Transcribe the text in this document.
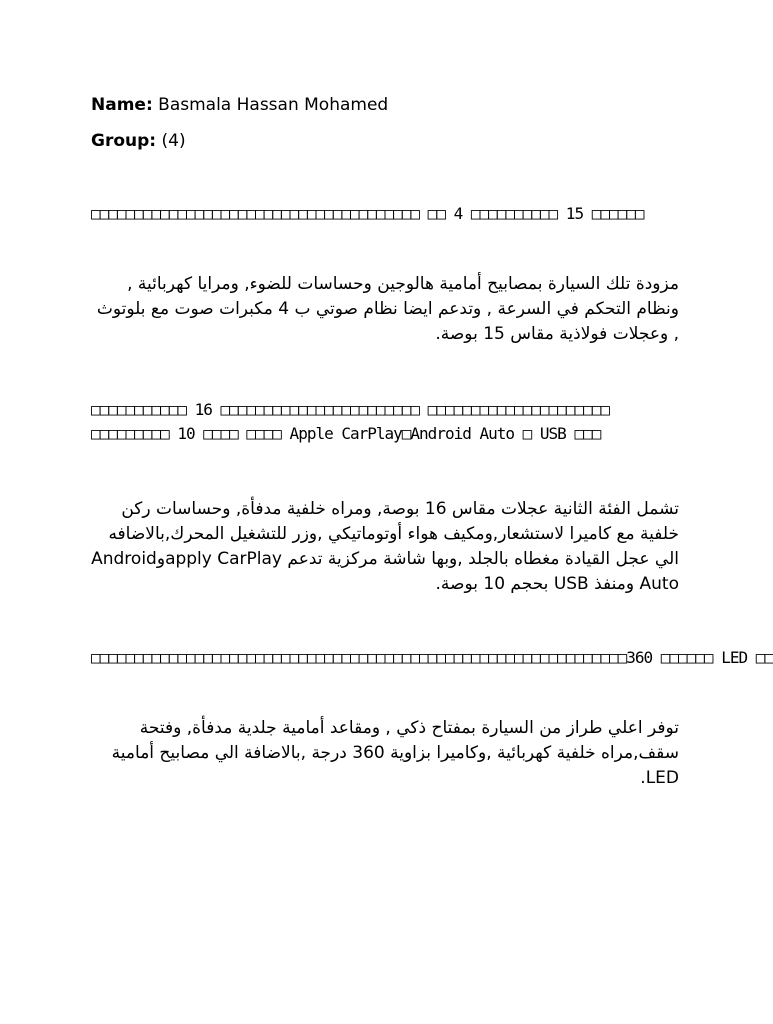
Name: Basmala Hassan Mohamed
Group: (4)
□□□□□□□□□□□□□□□□□□□□□□□□□□□□□□□□□□□□□□ □□ 4 □□□□□□□□□□ 15 □□□□□□
مزودة تلك السيارة بمصابيح أمامية هالوجين وحساسات للضوء, ومرايا كهربائية , ونظام التحكم في السرعة , وتدعم ايضا نظام صوتي ب 4 مكبرات صوت مع بلوتوث , وعجلات فولاذية مقاس 15 بوصة.
□□□□□□□□□□□ 16 □□□□□□□□□□□□□□□□□□□□□□□ □□□□□□□□□□□□□□□□□□□□□
□□□□□□□□□ 10 □□□□ □□□□ Apple CarPlay□Android Auto □ USB □□□
تشمل الفئة الثانية عجلات مقاس 16 بوصة, ومراه خلفية مدفأة, وحساسات ركن خلفية مع كاميرا لاستشعار,ومكيف هواء أوتوماتيكي ,وزر للتشغيل المحرك,بالاضافه الي عجل القيادة مغطاه بالجلد ,وبها شاشة مركزية تدعم apply CarPlayوAndroid Auto ومنفذ USB بحجم 10 بوصة.
□□□□□□□□□□□□□□□□□□□□□□□□□□□□□□□□□□□□□□□□□□□□□□□□□□□□□□□□□□□□□□360 □□□□□□ LED □□
توفر اعلي طراز من السيارة بمفتاح ذكي , ومقاعد أمامية جلدية مدفأة, وفتحة سقف,مراه خلفية كهربائية ,وكاميرا بزاوية 360 درجة ,بالاضافة الي مصابيح أمامية LED.
